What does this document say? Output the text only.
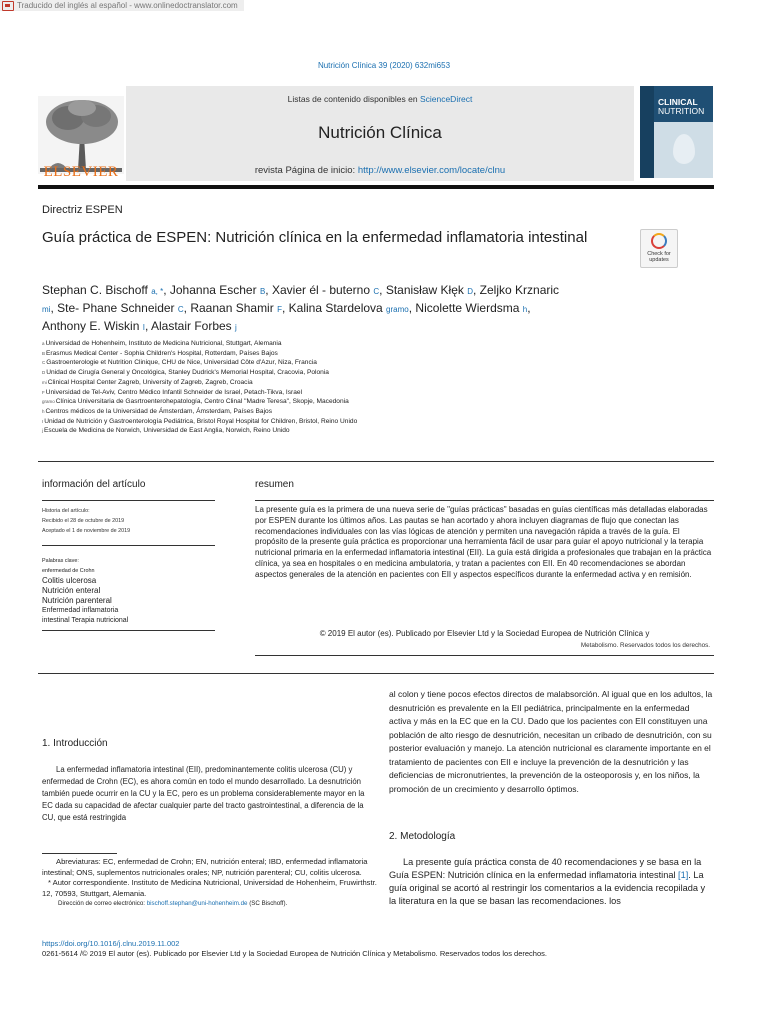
Traducido del inglés al español - www.onlinedoctranslator.com
Nutrición Clínica 39 (2020) 632mi653
ELSEVIER
Listas de contenido disponibles en ScienceDirect
Nutrición Clínica
revista Página de inicio: http://www.elsevier.com/locate/clnu
CLINICAL
NUTRITION
Directriz ESPEN
Guía práctica de ESPEN: Nutrición clínica en la enfermedad inflamatoria intestinal
Check for updates
Stephan C. Bischoff a, *, Johanna Escher B, Xavier él - buterno C, Stanisław Kłęk D, Zeljko Krznaric mi, Ste- Phane Schneider C, Raanan Shamir F, Kalina Stardelova gramo, Nicolette Wierdsma h, Anthony E. Wiskin I, Alastair Forbes j
aUniversidad de Hohenheim, Instituto de Medicina Nutricional, Stuttgart, Alemania
BErasmus Medical Center - Sophia Children's Hospital, Rotterdam, Países Bajos
CGastroenterologie et Nutrition Clinique, CHU de Nice, Universidad Côte d'Azur, Niza, Francia
DUnidad de Cirugía General y Oncológica, Stanley Dudrick's Memorial Hospital, Cracovia, Polonia
miClinical Hospital Center Zagreb, University of Zagreb, Zagreb, Croacia
FUniversidad de Tel-Aviv, Centro Médico Infantil Schneider de Israel, Petach-Tikva, Israel
gramoClínica Universitaria de Gasrtroenterohepatología, Centro Clinal "Madre Teresa", Skopje, Macedonia
hCentros médicos de la Universidad de Ámsterdam, Ámsterdam, Países Bajos
IUnidad de Nutrición y Gastroenterología Pediátrica, Bristol Royal Hospital for Children, Bristol, Reino Unido
jEscuela de Medicina de Norwich, Universidad de East Anglia, Norwich, Reino Unido
información del artículo	resumen
Historia del artículo:
Recibido el 28 de octubre de 2019
Aceptado el 1 de noviembre de 2019
Palabras clave:
enfermedad de Crohn
Colitis ulcerosa
Nutrición enteral
Nutrición parenteral
Enfermedad inflamatoria
intestinal Terapia nutricional
La presente guía es la primera de una nueva serie de "guías prácticas" basadas en guías científicas más detalladas elaboradas por ESPEN durante los últimos años. Las pautas se han acortado y ahora incluyen diagramas de flujo que conectan las recomendaciones individuales con las vías lógicas de atención y permiten una navegación rápida a través de la guía. El propósito de la presente guía práctica es proporcionar una herramienta fácil de usar para guiar el apoyo nutricional y la terapia nutricional primaria en la enfermedad inflamatoria intestinal (EII). La guía está dirigida a profesionales que trabajan en la práctica clínica, ya sea en hospitales o en medicina ambulatoria, y tratan a pacientes con EII. En 40 recomendaciones se abordan aspectos generales de la atención en pacientes con EII y aspectos específicos durante la enfermedad activa y en remisión.
© 2019 El autor (es). Publicado por Elsevier Ltd y la Sociedad Europea de Nutrición Clínica y
Metabolismo. Reservados todos los derechos.
1. Introducción
La enfermedad inflamatoria intestinal (EII), predominantemente colitis ulcerosa (CU) y enfermedad de Crohn (EC), es ahora común en todo el mundo desarrollado. La desnutrición también puede ocurrir en la CU y la EC, pero es un problema considerablemente mayor en la EC dada su capacidad de afectar cualquier parte del tracto gastrointestinal, a diferencia de la CU, que está restringida
Abreviaturas: EC, enfermedad de Crohn; EN, nutrición enteral; IBD, enfermedad inflamatoria intestinal; ONS, suplementos nutricionales orales; NP, nutrición parenteral; CU, colitis ulcerosa.
* Autor correspondiente. Instituto de Medicina Nutricional, Universidad de Hohenheim, Fruwirthstr. 12, 70593, Stuttgart, Alemania.
Dirección de correo electrónico: bischoff.stephan@uni-hohenheim.de (SC Bischoff).
https://doi.org/10.1016/j.clnu.2019.11.002
0261-5614 /© 2019 El autor (es). Publicado por Elsevier Ltd y la Sociedad Europea de Nutrición Clínica y Metabolismo. Reservados todos los derechos.
al colon y tiene pocos efectos directos de malabsorción. Al igual que en los adultos, la desnutrición es prevalente en la EII pediátrica, principalmente en la enfermedad activa y más en la EC que en la CU. Dado que los pacientes con EII constituyen una población de alto riesgo de desnutrición, necesitan un cribado de desnutrición, con su posterior evaluación y manejo. La atención nutricional es claramente importante en el tratamiento de pacientes con EII e incluye la prevención de la desnutrición y las deficiencias de micronutrientes, la prevención de la osteoporosis y, en los niños, la promoción de un crecimiento y desarrollo óptimos.
2. Metodología
La presente guía práctica consta de 40 recomendaciones y se basa en la Guía ESPEN: Nutrición clínica en la enfermedad inflamatoria intestinal [1]. La guía original se acortó al restringir los comentarios a la evidencia recopilada y la literatura en la que se basan las recomendaciones. los
